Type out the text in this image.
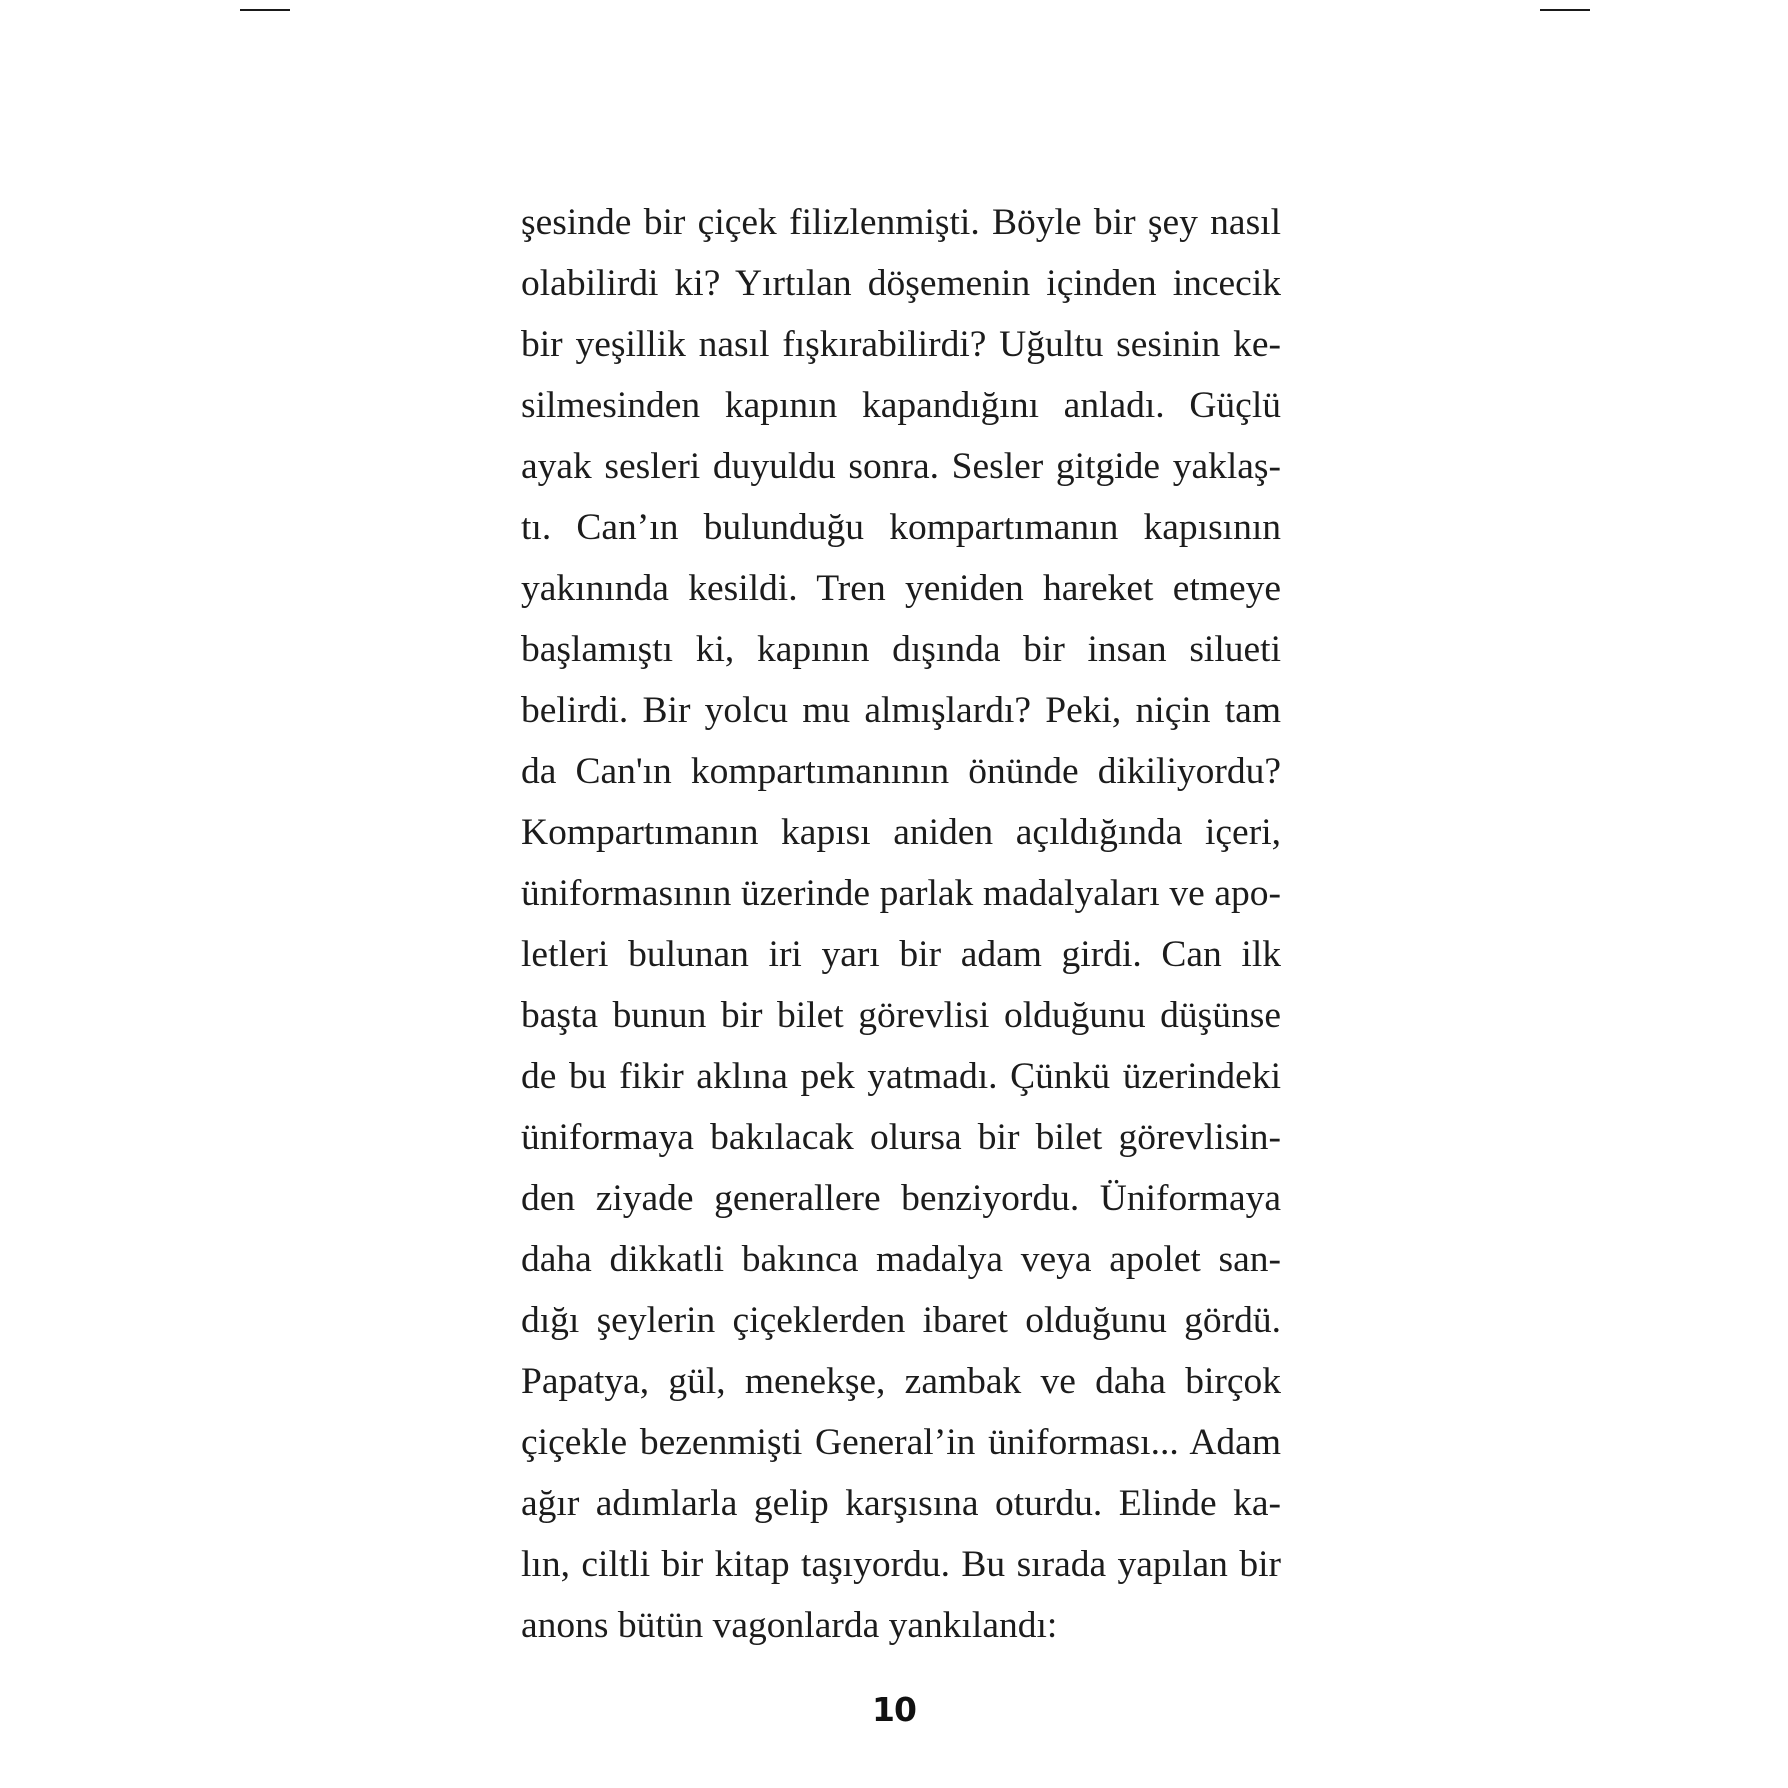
şesinde bir çiçek filizlenmişti. Böyle bir şey nasıl
olabilirdi ki? Yırtılan döşemenin içinden incecik
bir yeşillik nasıl fışkırabilirdi? Uğultu sesinin ke-
silmesinden kapının kapandığını anladı. Güçlü
ayak sesleri duyuldu sonra. Sesler gitgide yaklaş-
tı. Can’ın bulunduğu kompartımanın kapısının
yakınında kesildi. Tren yeniden hareket etmeye
başlamıştı ki, kapının dışında bir insan silueti
belirdi. Bir yolcu mu almışlardı? Peki, niçin tam
da Can'ın kompartımanının önünde dikiliyordu?
Kompartımanın kapısı aniden açıldığında içeri,
üniformasının üzerinde parlak madalyaları ve apo-
letleri bulunan iri yarı bir adam girdi. Can ilk
başta bunun bir bilet görevlisi olduğunu düşünse
de bu fikir aklına pek yatmadı. Çünkü üzerindeki
üniformaya bakılacak olursa bir bilet görevlisin-
den ziyade generallere benziyordu. Üniformaya
daha dikkatli bakınca madalya veya apolet san-
dığı şeylerin çiçeklerden ibaret olduğunu gördü.
Papatya, gül, menekşe, zambak ve daha birçok
çiçekle bezenmişti General’in üniforması... Adam
ağır adımlarla gelip karşısına oturdu. Elinde ka-
lın, ciltli bir kitap taşıyordu. Bu sırada yapılan bir
anons bütün vagonlarda yankılandı:
10
